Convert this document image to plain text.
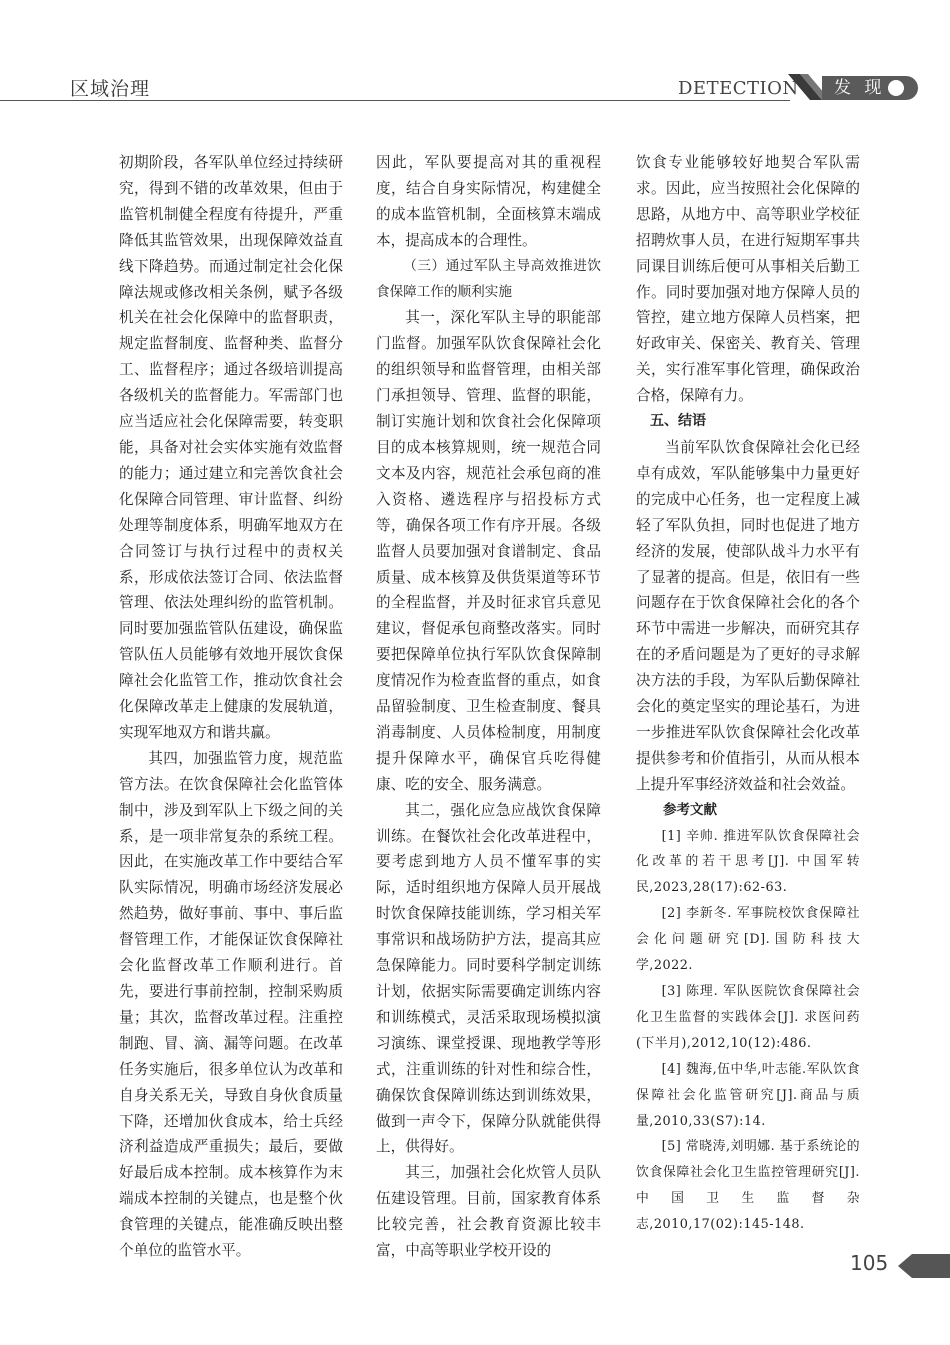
区域治理	DETECTION 发 现

初期阶段，各军队单位经过持续研究，得到不错的改革效果，但由于监管机制健全程度有待提升，严重降低其监管效果，出现保障效益直线下降趋势。而通过制定社会化保障法规或修改相关条例，赋予各级机关在社会化保障中的监督职责，规定监督制度、监督种类、监督分工、监督程序；通过各级培训提高各级机关的监督能力。军需部门也应当适应社会化保障需要，转变职能，具备对社会实体实施有效监督的能力；通过建立和完善饮食社会化保障合同管理、审计监督、纠纷处理等制度体系，明确军地双方在合同签订与执行过程中的责权关系，形成依法签订合同、依法监督管理、依法处理纠纷的监管机制。同时要加强监管队伍建设，确保监管队伍人员能够有效地开展饮食保障社会化监管工作，推动饮食社会化保障改革走上健康的发展轨道，实现军地双方和谐共赢。

其四，加强监管力度，规范监管方法。在饮食保障社会化监管体制中，涉及到军队上下级之间的关系，是一项非常复杂的系统工程。因此，在实施改革工作中要结合军队实际情况，明确市场经济发展必然趋势，做好事前、事中、事后监督管理工作，才能保证饮食保障社会化监督改革工作顺利进行。首先，要进行事前控制，控制采购质量；其次，监督改革过程。注重控制跑、冒、滴、漏等问题。在改革任务实施后，很多单位认为改革和自身关系无关，导致自身伙食质量下降，还增加伙食成本，给士兵经济利益造成严重损失；最后，要做好最后成本控制。成本核算作为末端成本控制的关键点，也是整个伙食管理的关键点，能准确反映出整个单位的监管水平。

因此，军队要提高对其的重视程度，结合自身实际情况，构建健全的成本监管机制，全面核算末端成本，提高成本的合理性。

（三）通过军队主导高效推进饮食保障工作的顺利实施

其一，深化军队主导的职能部门监督。加强军队饮食保障社会化的组织领导和监督管理，由相关部门承担领导、管理、监督的职能，制订实施计划和饮食社会化保障项目的成本核算规则，统一规范合同文本及内容，规范社会承包商的准入资格、遴选程序与招投标方式等，确保各项工作有序开展。各级监督人员要加强对食谱制定、食品质量、成本核算及供货渠道等环节的全程监督，并及时征求官兵意见建议，督促承包商整改落实。同时要把保障单位执行军队饮食保障制度情况作为检查监督的重点，如食品留验制度、卫生检查制度、餐具消毒制度、人员体检制度，用制度提升保障水平，确保官兵吃得健康、吃的安全、服务满意。

其二，强化应急应战饮食保障训练。在餐饮社会化改革进程中，要考虑到地方人员不懂军事的实际，适时组织地方保障人员开展战时饮食保障技能训练，学习相关军事常识和战场防护方法，提高其应急保障能力。同时要科学制定训练计划，依据实际需要确定训练内容和训练模式，灵活采取现场模拟演习演练、课堂授课、现地教学等形式，注重训练的针对性和综合性，确保饮食保障训练达到训练效果，做到一声令下，保障分队就能供得上，供得好。

其三，加强社会化炊管人员队伍建设管理。目前，国家教育体系比较完善，社会教育资源比较丰富，中高等职业学校开设的

饮食专业能够较好地契合军队需求。因此，应当按照社会化保障的思路，从地方中、高等职业学校征招聘炊事人员，在进行短期军事共同课目训练后便可从事相关后勤工作。同时要加强对地方保障人员的管控，建立地方保障人员档案，把好政审关、保密关、教育关、管理关，实行准军事化管理，确保政治合格，保障有力。

五、结语

当前军队饮食保障社会化已经卓有成效，军队能够集中力量更好的完成中心任务，也一定程度上减轻了军队负担，同时也促进了地方经济的发展，使部队战斗力水平有了显著的提高。但是，依旧有一些问题存在于饮食保障社会化的各个环节中需进一步解决，而研究其存在的矛盾问题是为了更好的寻求解决方法的手段，为军队后勤保障社会化的奠定坚实的理论基石，为进一步推进军队饮食保障社会化改革提供参考和价值指引，从而从根本上提升军事经济效益和社会效益。

参考文献

[1] 辛帅. 推进军队饮食保障社会化改革的若干思考[J]. 中国军转民,2023,28(17):62-63.

[2] 李新冬. 军事院校饮食保障社会化问题研究[D].国防科技大学,2022.

[3] 陈理. 军队医院饮食保障社会化卫生监督的实践体会[J]. 求医问药(下半月),2012,10(12):486.

[4] 魏海,伍中华,叶志能.军队饮食保障社会化监管研究[J].商品与质量,2010,33(S7):14.

[5] 常晓涛,刘明娜. 基于系统论的饮食保障社会化卫生监控管理研究[J]. 中国卫生监督杂志,2010,17(02):145-148.

105
